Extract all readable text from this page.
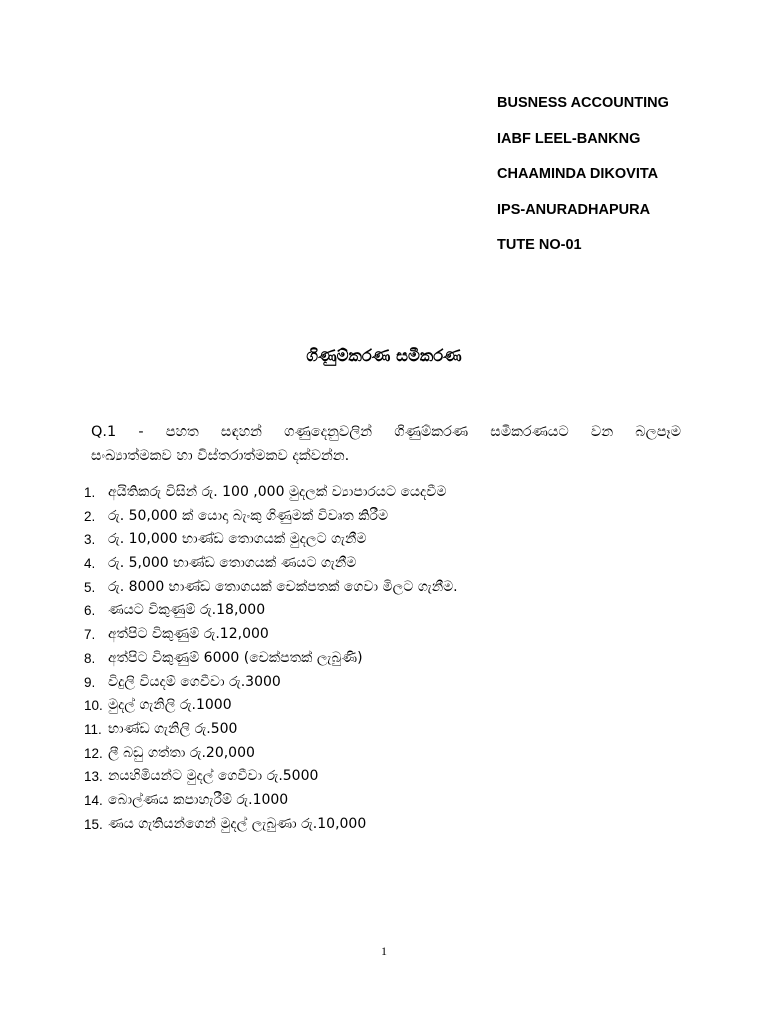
BUSNESS ACCOUNTING
IABF LEEL-BANKNG
CHAAMINDA DIKOVITA
IPS-ANURADHAPURA
TUTE NO-01
ගිණුම්කරණ සමීකරණ
Q.1 - පහත සඳහන් ගණුදෙනුවලින් ගිණුම්කරණ සමීකරණයට වන බලපෑම
සංඛ්‍යාත්මකව හා විස්තරාත්මකව දක්වන්න.
1. අයිතිකරු විසින් රු. 100 ,000 මුදලක් ව්‍යාපාරයට යෙදවීම
2. රු. 50,000 ක් යොදා බැංකු ගිණුමක් විවෘත කිරීම
3. රු. 10,000 භාණ්ඩ තොගයක් මුදලට ගැනීම
4. රු. 5,000 භාණ්ඩ තොගයක් ණයට ගැනීම
5. රු. 8000 භාණ්ඩ තොගයක් චෙක්පතක් ගෙවා මිලට ගැනීම.
6. ණයට විකුණුම් රු.18,000
7. අත්පිට විකුණුම් රු.12,000
8. අත්පිට විකුණුම් 6000 (චෙක්පතක් ලැබුණි)
9. විදුලි වියදම් ගෙවීවා රු.3000
10. මුදල් ගැනිලි රු.1000
11. භාණ්ඩ ගැනිලි රු.500
12. ලී බඩු ගත්තා රු.20,000
13. නයහිමියන්ට මුදල් ගෙවීවා රු.5000
14. බොල්ණය කපාහැරීම් රු.1000
15. ණය ගැතියන්ගෙන් මුදල් ලැබුණා රු.10,000
1
